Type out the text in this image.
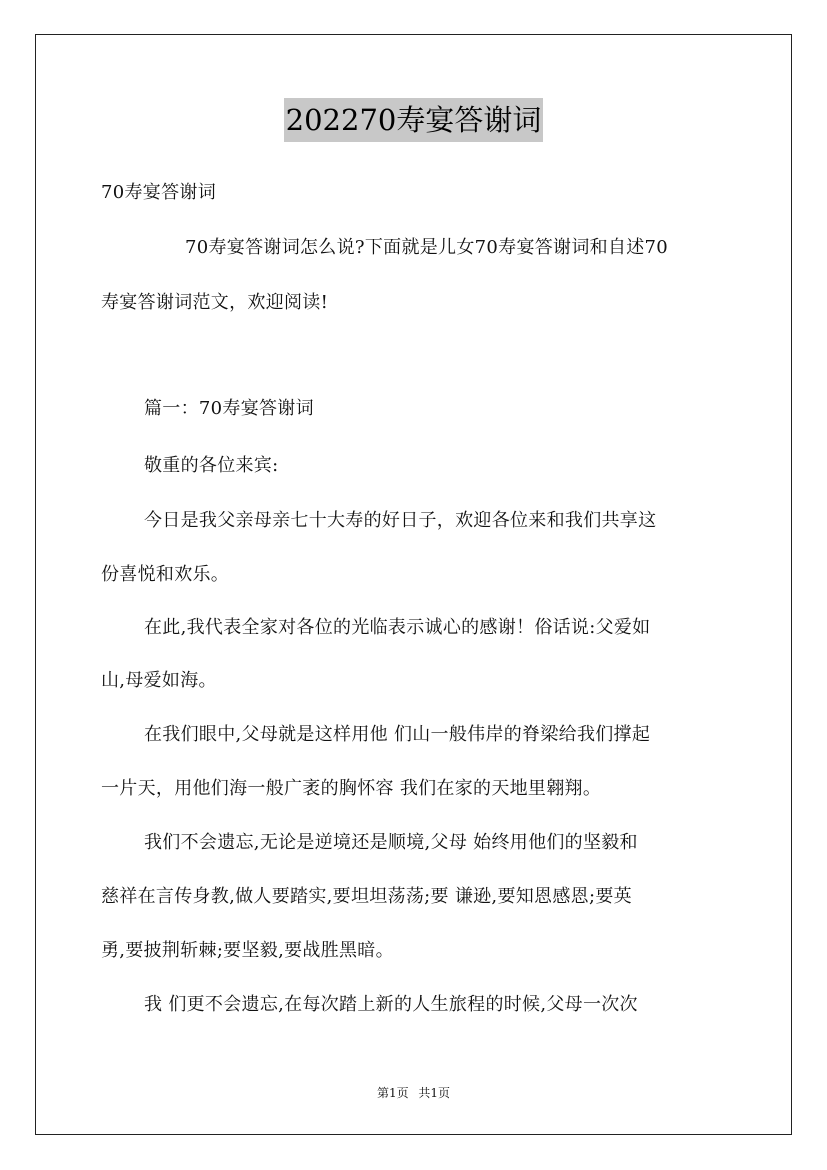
202270寿宴答谢词
70寿宴答谢词
70寿宴答谢词怎么说?下面就是儿女70寿宴答谢词和自述70
寿宴答谢词范文，欢迎阅读!
篇一：70寿宴答谢词
敬重的各位来宾:
今日是我父亲母亲七十大寿的好日子，欢迎各位来和我们共享这
份喜悦和欢乐。
在此,我代表全家对各位的光临表示诚心的感谢！俗话说:父爱如
山,母爱如海。
在我们眼中,父母就是这样用他 们山一般伟岸的脊梁给我们撑起
一片天，用他们海一般广袤的胸怀容 我们在家的天地里翱翔。
我们不会遗忘,无论是逆境还是顺境,父母 始终用他们的坚毅和
慈祥在言传身教,做人要踏实,要坦坦荡荡;要 谦逊,要知恩感恩;要英
勇,要披荆斩棘;要坚毅,要战胜黑暗。
我 们更不会遗忘,在每次踏上新的人生旅程的时候,父母一次次
第1页 共1页
